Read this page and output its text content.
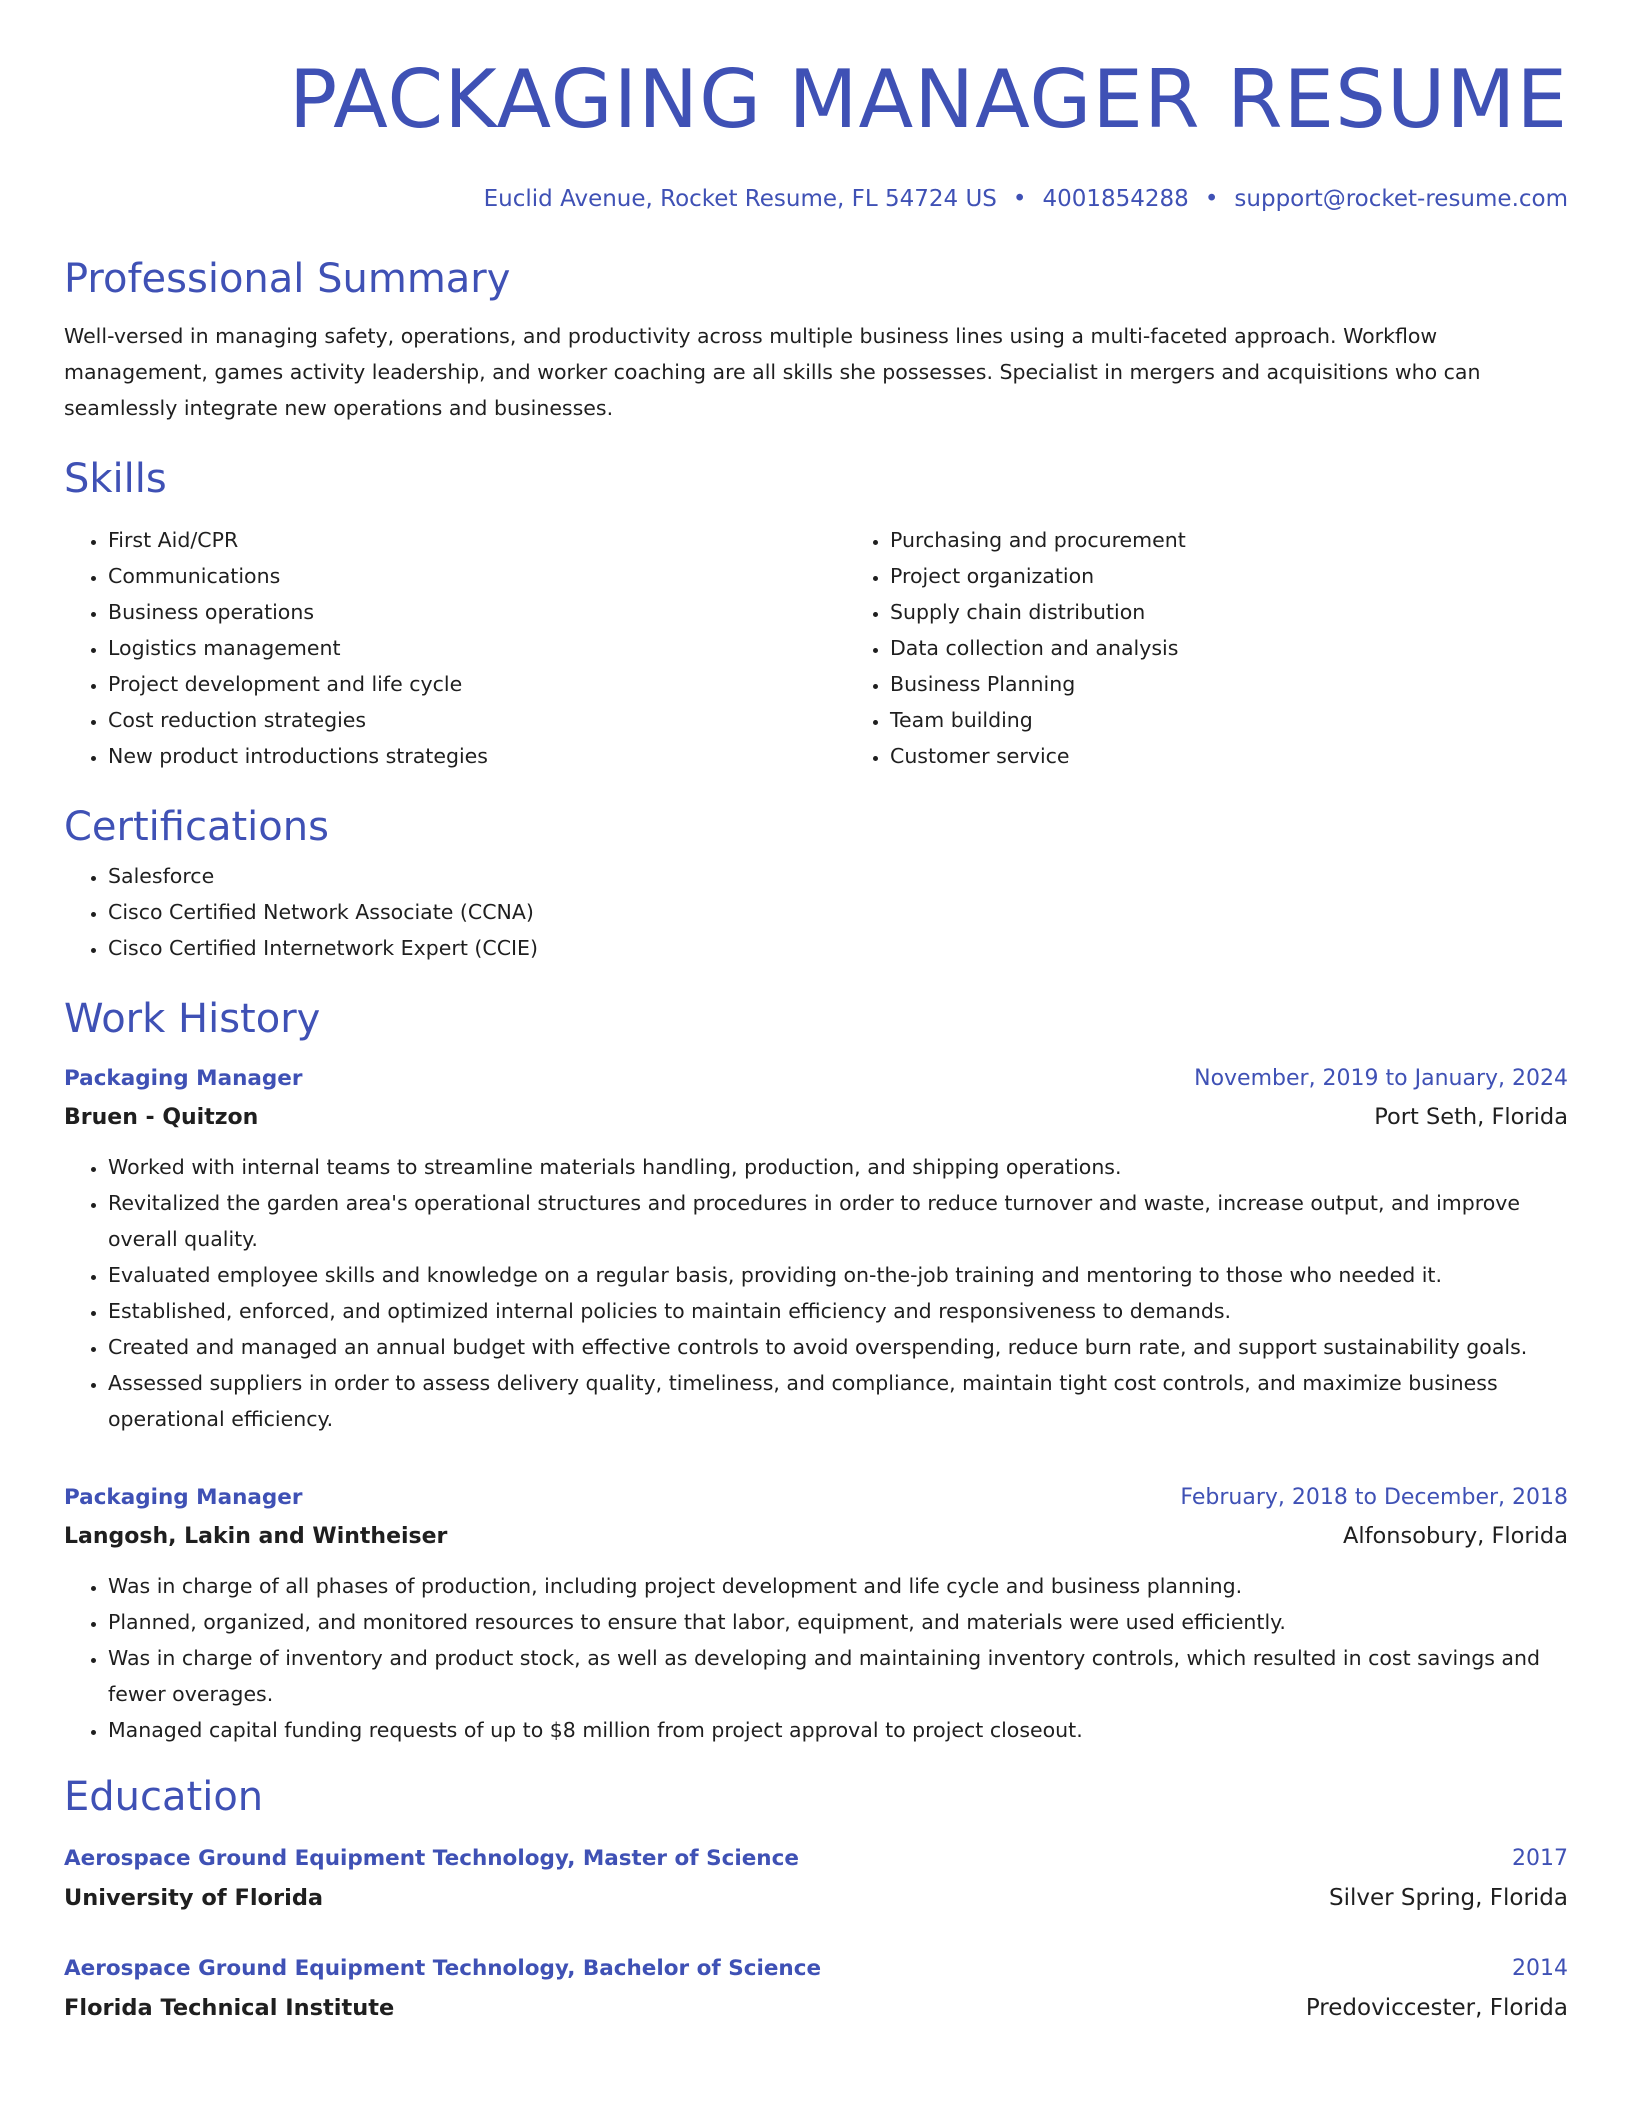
PACKAGING MANAGER RESUME
Euclid Avenue, Rocket Resume, FL 54724 US • 4001854288 • support@rocket-resume.com
Professional Summary

Well-versed in managing safety, operations, and productivity across multiple business lines using a multi-faceted approach. Workflow management, games activity leadership, and worker coaching are all skills she possesses. Specialist in mergers and acquisitions who can seamlessly integrate new operations and businesses.

Skills
• First Aid/CPR
• Communications
• Business operations
• Logistics management
• Project development and life cycle
• Cost reduction strategies
• New product introductions strategies
• Purchasing and procurement
• Project organization
• Supply chain distribution
• Data collection and analysis
• Business Planning
• Team building
• Customer service
Certifications
• Salesforce
• Cisco Certified Network Associate (CCNA)
• Cisco Certified Internetwork Expert (CCIE)
Work History
Packaging Manager	November, 2019 to January, 2024
Bruen - Quitzon	Port Seth, Florida
• Worked with internal teams to streamline materials handling, production, and shipping operations.
• Revitalized the garden area's operational structures and procedures in order to reduce turnover and waste, increase output, and improve overall quality.
• Evaluated employee skills and knowledge on a regular basis, providing on-the-job training and mentoring to those who needed it.
• Established, enforced, and optimized internal policies to maintain efficiency and responsiveness to demands.
• Created and managed an annual budget with effective controls to avoid overspending, reduce burn rate, and support sustainability goals.
• Assessed suppliers in order to assess delivery quality, timeliness, and compliance, maintain tight cost controls, and maximize business operational efficiency.
Packaging Manager	February, 2018 to December, 2018
Langosh, Lakin and Wintheiser	Alfonsobury, Florida
• Was in charge of all phases of production, including project development and life cycle and business planning.
• Planned, organized, and monitored resources to ensure that labor, equipment, and materials were used efficiently.
• Was in charge of inventory and product stock, as well as developing and maintaining inventory controls, which resulted in cost savings and fewer overages.
• Managed capital funding requests of up to $8 million from project approval to project closeout.
Education
Aerospace Ground Equipment Technology, Master of Science	2017
University of Florida	Silver Spring, Florida
Aerospace Ground Equipment Technology, Bachelor of Science	2014
Florida Technical Institute	Predoviccester, Florida
